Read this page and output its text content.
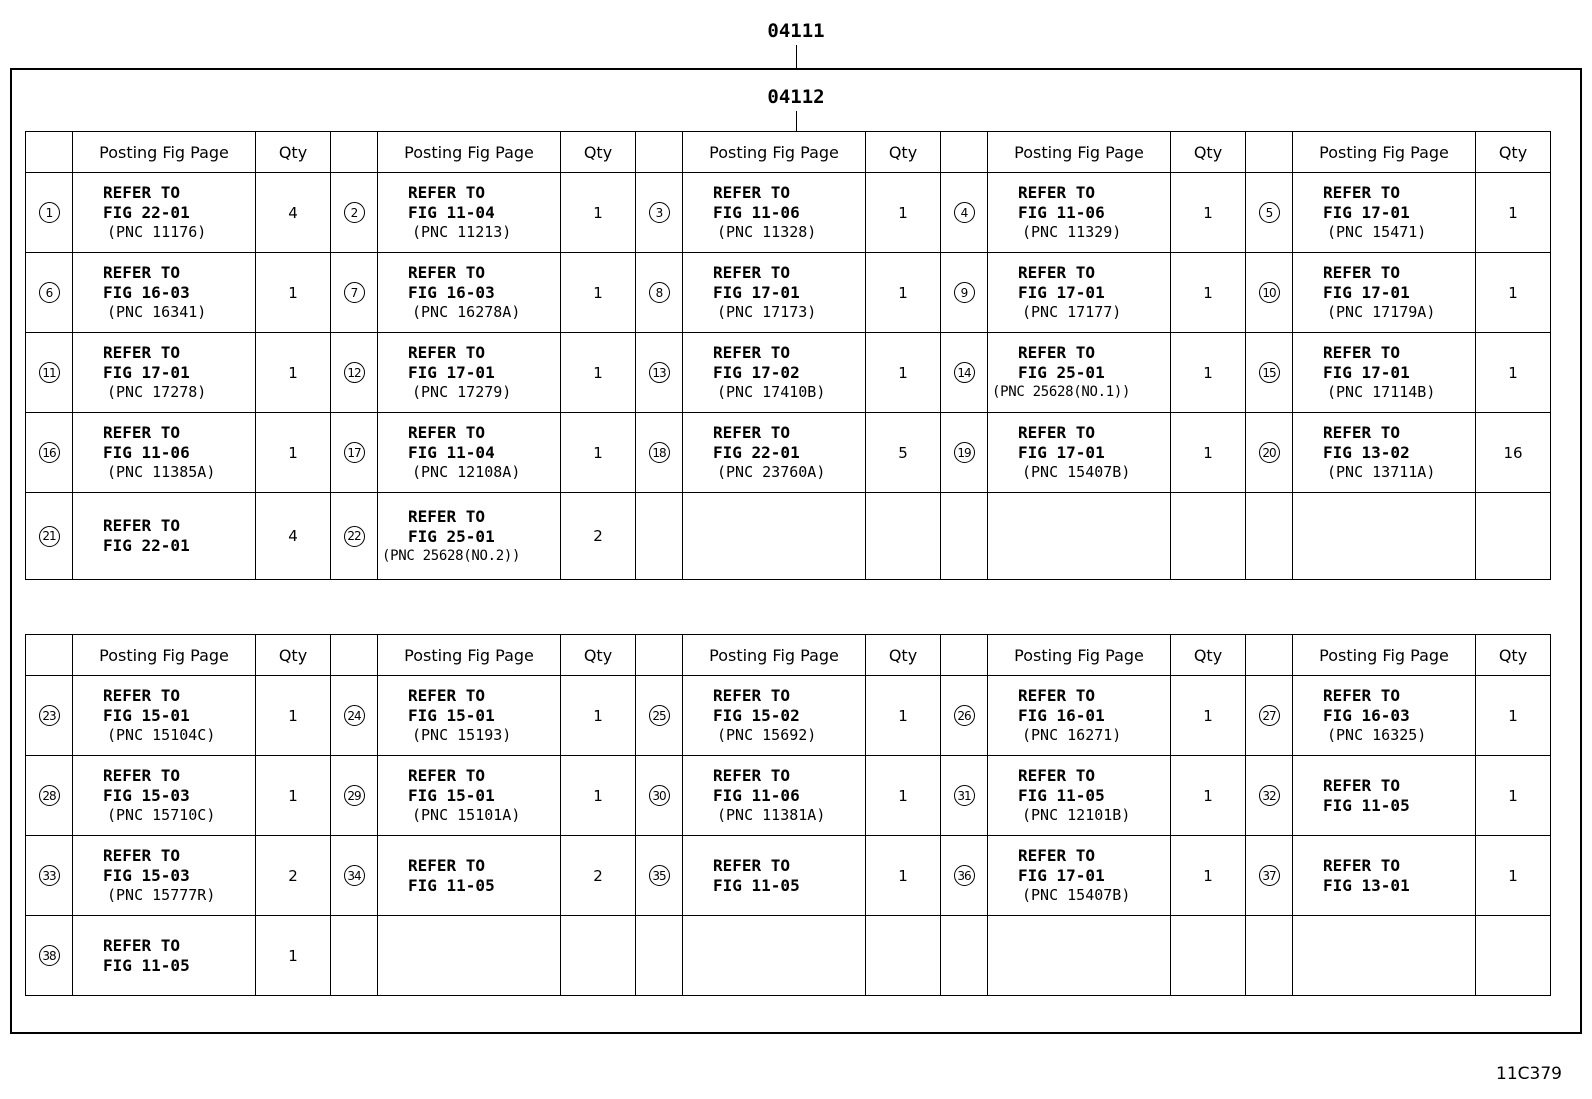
04111
04112
	Posting Fig Page	Qty		Posting Fig Page	Qty		Posting Fig Page	Qty		Posting Fig Page	Qty		Posting Fig Page	Qty
1	REFER TO
FIG 22-01
(PNC 11176)	4	2	REFER TO
FIG 11-04
(PNC 11213)	1	3	REFER TO
FIG 11-06
(PNC 11328)	1	4	REFER TO
FIG 11-06
(PNC 11329)	1	5	REFER TO
FIG 17-01
(PNC 15471)	1
6	REFER TO
FIG 16-03
(PNC 16341)	1	7	REFER TO
FIG 16-03
(PNC 16278A)	1	8	REFER TO
FIG 17-01
(PNC 17173)	1	9	REFER TO
FIG 17-01
(PNC 17177)	1	10	REFER TO
FIG 17-01
(PNC 17179A)	1
11	REFER TO
FIG 17-01
(PNC 17278)	1	12	REFER TO
FIG 17-01
(PNC 17279)	1	13	REFER TO
FIG 17-02
(PNC 17410B)	1	14	REFER TO
FIG 25-01
(PNC 25628(NO.1))	1	15	REFER TO
FIG 17-01
(PNC 17114B)	1
16	REFER TO
FIG 11-06
(PNC 11385A)	1	17	REFER TO
FIG 11-04
(PNC 12108A)	1	18	REFER TO
FIG 22-01
(PNC 23760A)	5	19	REFER TO
FIG 17-01
(PNC 15407B)	1	20	REFER TO
FIG 13-02
(PNC 13711A)	16
21	REFER TO
FIG 22-01	4	22	REFER TO
FIG 25-01
(PNC 25628(NO.2))	2									
	Posting Fig Page	Qty		Posting Fig Page	Qty		Posting Fig Page	Qty		Posting Fig Page	Qty		Posting Fig Page	Qty
23	REFER TO
FIG 15-01
(PNC 15104C)	1	24	REFER TO
FIG 15-01
(PNC 15193)	1	25	REFER TO
FIG 15-02
(PNC 15692)	1	26	REFER TO
FIG 16-01
(PNC 16271)	1	27	REFER TO
FIG 16-03
(PNC 16325)	1
28	REFER TO
FIG 15-03
(PNC 15710C)	1	29	REFER TO
FIG 15-01
(PNC 15101A)	1	30	REFER TO
FIG 11-06
(PNC 11381A)	1	31	REFER TO
FIG 11-05
(PNC 12101B)	1	32	REFER TO
FIG 11-05	1
33	REFER TO
FIG 15-03
(PNC 15777R)	2	34	REFER TO
FIG 11-05	2	35	REFER TO
FIG 11-05	1	36	REFER TO
FIG 17-01
(PNC 15407B)	1	37	REFER TO
FIG 13-01	1
38	REFER TO
FIG 11-05	1												
11C379
